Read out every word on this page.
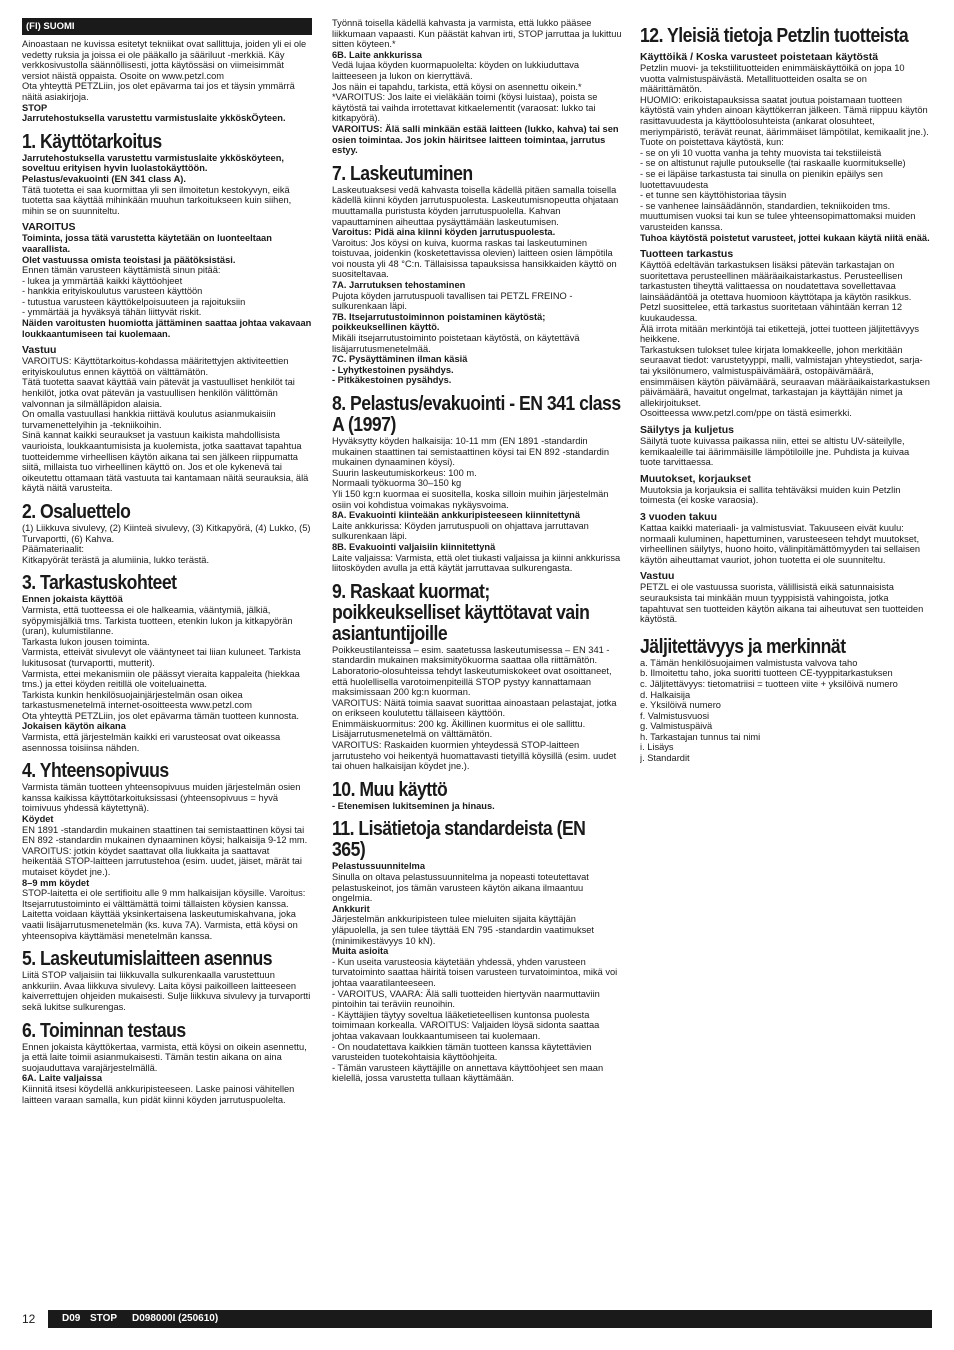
(FI) SUOMI

Ainoastaan ne kuvissa esitetyt tekniikat ovat sallittuja, joiden yli ei ole vedetty ruksia ja joissa ei ole pääkallo ja sääriluut -merkkiä. Käy verkkosivustolla säännöllisesti, jotta käytössäsi on viimeisimmät versiot näistä oppaista. Osoite on www.petzl.com

Ota yhteyttä PETZLiin, jos olet epävarma tai jos et täysin ymmärrä näitä asiakirjoja.

STOP

Jarrutehostuksella varustettu varmistuslaite ykköskÖyteen.

1. Käyttötarkoitus

Jarrutehostuksella varustettu varmistuslaite ykkösköyteen, soveltuu erityisen hyvin luolastokäyttöön.

Pelastus/evakuointi (EN 341 class A).

Tätä tuotetta ei saa kuormittaa yli sen ilmoitetun kestokyvyn, eikä tuotetta saa käyttää mihinkään muuhun tarkoitukseen kuin siihen, mihin se on suunniteltu.

VAROITUS

Toiminta, jossa tätä varustetta käytetään on luonteeltaan vaarallista.

Olet vastuussa omista teoistasi ja päätöksistäsi.

Ennen tämän varusteen käyttämistä sinun pitää:

- lukea ja ymmärtää kaikki käyttöohjeet

- hankkia erityiskoulutus varusteen käyttöön

- tutustua varusteen käyttökelpoisuuteen ja rajoituksiin

- ymmärtää ja hyväksyä tähän liittyvät riskit.

Näiden varoitusten huomiotta jättäminen saattaa johtaa vakavaan loukkaantumiseen tai kuolemaan.

Vastuu

VAROITUS: Käyttötarkoitus-kohdassa määritettyjen aktiviteettien erityiskoulutus ennen käyttöä on välttämätön.

Tätä tuotetta saavat käyttää vain pätevät ja vastuulliset henkilöt tai henkilöt, jotka ovat pätevän ja vastuullisen henkilön välittömän valvonnan ja silmälläpidon alaisia.

On omalla vastuullasi hankkia riittävä koulutus asianmukaisiin turvamenettelyihin ja -tekniikoihin.

Sinä kannat kaikki seuraukset ja vastuun kaikista mahdollisista vaurioista, loukkaantumisista ja kuolemista, jotka saattavat tapahtua tuotteidemme virheellisen käytön aikana tai sen jälkeen riippumatta siitä, millaista tuo virheellinen käyttö on. Jos et ole kykenevä tai oikeutettu ottamaan tätä vastuuta tai kantamaan näitä seurauksia, älä käytä näitä varusteita.

2. Osaluettelo

(1) Liikkuva sivulevy, (2) Kiinteä sivulevy, (3) Kitkapyörä, (4) Lukko, (5) Turvaportti, (6) Kahva.

Päämateriaalit:

Kitkapyörät terästä ja alumiinia, lukko terästä.

3. Tarkastuskohteet

Ennen jokaista käyttöä

Varmista, että tuotteessa ei ole halkeamia, vääntymiä, jälkiä, syöpymisjälkiä tms. Tarkista tuotteen, etenkin lukon ja kitkapyörän (uran), kulumistilanne.

Tarkasta lukon jousen toiminta.

Varmista, etteivät sivulevyt ole vääntyneet tai liian kuluneet. Tarkista lukitusosat (turvaportti, mutterit).

Varmista, ettei mekanismiin ole päässyt vieraita kappaleita (hiekkaa tms.) ja ettei köyden reitillä ole voiteluainetta.

Tarkista kunkin henkilösuojainjärjestelmän osan oikea tarkastusmenetelmä internet-osoitteesta www.petzl.com

Ota yhteyttä PETZLiin, jos olet epävarma tämän tuotteen kunnosta.

Jokaisen käytön aikana

Varmista, että järjestelmän kaikki eri varusteosat ovat oikeassa asennossa toisiinsa nähden.

4. Yhteensopivuus

Varmista tämän tuotteen yhteensopivuus muiden järjestelmän osien kanssa kaikissa käyttötarkoituksissasi (yhteensopivuus = hyvä toimivuus yhdessä käytettynä).

Köydet

EN 1891 -standardin mukainen staattinen tai semistaattinen köysi tai EN 892 -standardin mukainen dynaaminen köysi; halkaisija 9-12 mm. VAROITUS: jotkin köydet saattavat olla liukkaita ja saattavat heikentää STOP-laitteen jarrutustehoa (esim. uudet, jäiset, märät tai mutaiset köydet jne.).

8–9 mm köydet

STOP-laitetta ei ole sertifioitu alle 9 mm halkaisijan köysille. Varoitus: Itsejarrutustoiminto ei välttämättä toimi tällaisten köysien kanssa. Laitetta voidaan käyttää yksinkertaisena laskeutumiskahvana, joka vaatii lisäjarrutusmenetelmän (ks. kuva 7A). Varmista, että köysi on yhteensopiva käyttämäsi menetelmän kanssa.

5. Laskeutumislaitteen asennus

Liitä STOP valjaisiin tai liikkuvalla sulkurenkaalla varustettuun ankkuriin. Avaa liikkuva sivulevy. Laita köysi paikoilleen laitteeseen kaiverrettujen ohjeiden mukaisesti. Sulje liikkuva sivulevy ja turvaportti sekä lukitse sulkurengas.

6. Toiminnan testaus

Ennen jokaista käyttökertaa, varmista, että köysi on oikein asennettu, ja että laite toimii asianmukaisesti. Tämän testin aikana on aina suojauduttava varajärjestelmällä.

6A. Laite valjaissa

Kiinnitä itsesi köydellä ankkuripisteeseen. Laske painosi vähitellen laitteen varaan samalla, kun pidät kiinni köyden jarrutuspuolelta.

Työnnä toisella kädellä kahvasta ja varmista, että lukko pääsee liikkumaan vapaasti. Kun päästät kahvan irti, STOP jarruttaa ja lukittuu sitten köyteen.*

6B. Laite ankkurissa

Vedä lujaa köyden kuormapuolelta: köyden on lukkiuduttava laitteeseen ja lukon on kierryttävä.

Jos näin ei tapahdu, tarkista, että köysi on asennettu oikein.*

*VAROITUS: Jos laite ei vieläkään toimi (köysi luistaa), poista se käytöstä tai vaihda irrotettavat kitkaelementit (varaosat: lukko tai kitkapyörä).

VAROITUS: Älä salli minkään estää laitteen (lukko, kahva) tai sen osien toimintaa. Jos jokin häiritsee laitteen toimintaa, jarrutus estyy.

7. Laskeutuminen

Laskeutuaksesi vedä kahvasta toisella kädellä pitäen samalla toisella kädellä kiinni köyden jarrutuspuolesta. Laskeutumisnopeutta ohjataan muuttamalla puristusta köyden jarrutuspuolella. Kahvan vapauttaminen aiheuttaa pysäyttämään laskeutumisen.

Varoitus: Pidä aina kiinni köyden jarrutuspuolesta.

Varoitus: Jos köysi on kuiva, kuorma raskas tai laskeutuminen toistuvaa, joidenkin (kosketettavissa olevien) laitteen osien lämpötila voi nousta yli 48 °C:n. Tällaisissa tapauksissa hansikkaiden käyttö on suositeltavaa.

7A. Jarrutuksen tehostaminen

Pujota köyden jarrutuspuoli tavallisen tai PETZL FREINO -sulkurenkaan läpi.

7B. Itsejarrutustoiminnon poistaminen käytöstä; poikkeuksellinen käyttö.

Mikäli itsejarrutustoiminto poistetaan käytöstä, on käytettävä lisäjarrutusmenetelmää.

7C. Pysäyttäminen ilman käsiä

- Lyhytkestoinen pysähdys.

- Pitkäkestoinen pysähdys.

8. Pelastus/evakuointi - EN 341 class A (1997)

Hyväksytty köyden halkaisija: 10-11 mm (EN 1891 -standardin mukainen staattinen tai semistaattinen köysi tai EN 892 -standardin mukainen dynaaminen köysi).

Suurin laskeutumiskorkeus: 100 m.

Normaali työkuorma 30–150 kg

Yli 150 kg:n kuormaa ei suositella, koska silloin muihin järjestelmän osiin voi kohdistua voimakas nykäysvoima.

8A. Evakuointi kiinteään ankkuripisteeseen kiinnitettynä

Laite ankkurissa: Köyden jarrutuspuoli on ohjattava jarruttavan sulkurenkaan läpi.

8B. Evakuointi valjaisiin kiinnitettynä

Laite valjaissa: Varmista, että olet tiukasti valjaissa ja kiinni ankkurissa liitosköyden avulla ja että käytät jarruttavaa sulkurengasta.

9. Raskaat kuormat; poikkeukselliset käyttötavat vain asiantuntijoille

Poikkeustilanteissa – esim. saatetussa laskeutumisessa – EN 341 -standardin mukainen maksimityökuorma saattaa olla riittämätön. Laboratorio-olosuhteissa tehdyt laskeutumiskokeet ovat osoittaneet, että huolellisella varotoimenpiteillä STOP pystyy kannattamaan maksimissaan 200 kg:n kuorman.

VAROITUS: Näitä toimia saavat suorittaa ainoastaan pelastajat, jotka on erikseen koulutettu tällaiseen käyttöön.

Enimmäiskuormitus: 200 kg. Äkillinen kuormitus ei ole sallittu. Lisäjarrutusmenetelmä on välttämätön.

VAROITUS: Raskaiden kuormien yhteydessä STOP-laitteen jarrutusteho voi heikentyä huomattavasti tietyillä köysillä (esim. uudet tai ohuen halkaisijan köydet jne.).

10. Muu käyttö

- Etenemisen lukitseminen ja hinaus.

11. Lisätietoja standardeista (EN 365)

Pelastussuunnitelma

Sinulla on oltava pelastussuunnitelma ja nopeasti toteutettavat pelastuskeinot, jos tämän varusteen käytön aikana ilmaantuu ongelmia.

Ankkurit

Järjestelmän ankkuripisteen tulee mieluiten sijaita käyttäjän yläpuolella, ja sen tulee täyttää EN 795 -standardin vaatimukset (minimikestävyys 10 kN).

Muita asioita

- Kun useita varusteosia käytetään yhdessä, yhden varusteen turvatoiminto saattaa häiritä toisen varusteen turvatoimintoa, mikä voi johtaa vaaratilanteeseen.

- VAROITUS, VAARA: Älä salli tuotteiden hiertyvän naarmuttaviin pintoihin tai teräviin reunoihin.

- Käyttäjien täytyy soveltua lääketieteellisen kuntonsa puolesta toimimaan korkealla. VAROITUS: Valjaiden löysä sidonta saattaa johtaa vakavaan loukkaantumiseen tai kuolemaan.

- On noudatettava kaikkien tämän tuotteen kanssa käytettävien varusteiden tuotekohtaisia käyttöohjeita.

- Tämän varusteen käyttäjille on annettava käyttöohjeet sen maan kielellä, jossa varustetta tullaan käyttämään.

12. Yleisiä tietoja Petzlin tuotteista
Käyttöikä / Koska varusteet poistetaan käytöstä

Petzlin muovi- ja tekstiilituotteiden enimmäiskäyttöikä on jopa 10 vuotta valmistuspäivästä. Metallituotteiden osalta se on määrittämätön.

HUOMIO: erikoistapauksissa saatat joutua poistamaan tuotteen käytöstä vain yhden ainoan käyttökerran jälkeen. Tämä riippuu käytön rasittavuudesta ja käyttöolosuhteista (ankarat olosuhteet, meriympäristö, terävät reunat, äärimmäiset lämpötilat, kemikaalit jne.).

Tuote on poistettava käytöstä, kun:

- se on yli 10 vuotta vanha ja tehty muovista tai tekstiileistä

- se on altistunut rajulle putoukselle (tai raskaalle kuormitukselle)

- se ei läpäise tarkastusta tai sinulla on pienikin epäilys sen luotettavuudesta

- et tunne sen käyttöhistoriaa täysin

- se vanhenee lainsäädännön, standardien, tekniikoiden tms. muuttumisen vuoksi tai kun se tulee yhteensopimattomaksi muiden varusteiden kanssa.

Tuhoa käytöstä poistetut varusteet, jottei kukaan käytä niitä enää.

Tuotteen tarkastus

Käyttöä edeltävän tarkastuksen lisäksi pätevän tarkastajan on suoritettava perusteellinen määräaikaistarkastus. Perusteellisen tarkastusten tiheyttä valittaessa on noudatettava sovellettavaa lainsäädäntöä ja otettava huomioon käyttötapa ja käytön rasikkus. Petzl suosittelee, että tarkastus suoritetaan vähintään kerran 12 kuukaudessa.

Älä irrota mitään merkintöjä tai etikettejä, jottei tuotteen jäljitettävyys heikkene.

Tarkastuksen tulokset tulee kirjata lomakkeelle, johon merkitään seuraavat tiedot: varustetyyppi, malli, valmistajan yhteystiedot, sarja- tai yksilönumero, valmistuspäivämäärä, ostopäivämäärä, ensimmäisen käytön päivämäärä, seuraavan määräaikaistarkastuksen päivämäärä, havaitut ongelmat, tarkastajan ja käyttäjän nimet ja allekirjoitukset.

Osoitteessa www.petzl.com/ppe on tästä esimerkki.

Säilytys ja kuljetus

Säilytä tuote kuivassa paikassa niin, ettei se altistu UV-säteilylle, kemikaaleille tai äärimmäisille lämpötiloille jne. Puhdista ja kuivaa tuote tarvittaessa.

Muutokset, korjaukset

Muutoksia ja korjauksia ei sallita tehtäväksi muiden kuin Petzlin toimesta (ei koske varaosia).

3 vuoden takuu

Kattaa kaikki materiaali- ja valmistusviat. Takuuseen eivät kuulu: normaali kuluminen, hapettuminen, varusteeseen tehdyt muutokset, virheellinen säilytys, huono hoito, välinpitämättömyyden tai sellaisen käytön aiheuttamat vauriot, johon tuotetta ei ole suunniteltu.

Vastuu

PETZL ei ole vastuussa suorista, välillisistä eikä satunnaisista seurauksista tai minkään muun tyyppisistä vahingoista, jotka tapahtuvat sen tuotteiden käytön aikana tai aiheutuvat sen tuotteiden käytöstä.

Jäljitettävyys ja merkinnät

a. Tämän henkilösuojaimen valmistusta valvova taho

b. Ilmoitettu taho, joka suoritti tuotteen CE-tyyppitarkastuksen

c. Jäljitettävyys: tietomatriisi = tuotteen viite + yksilöivä numero

d. Halkaisija

e. Yksilöivä numero

f. Valmistusvuosi

g. Valmistuspäivä

h. Tarkastajan tunnus tai nimi

i. Lisäys

j. Standardit

12	D09 STOP D098000I (250610)
